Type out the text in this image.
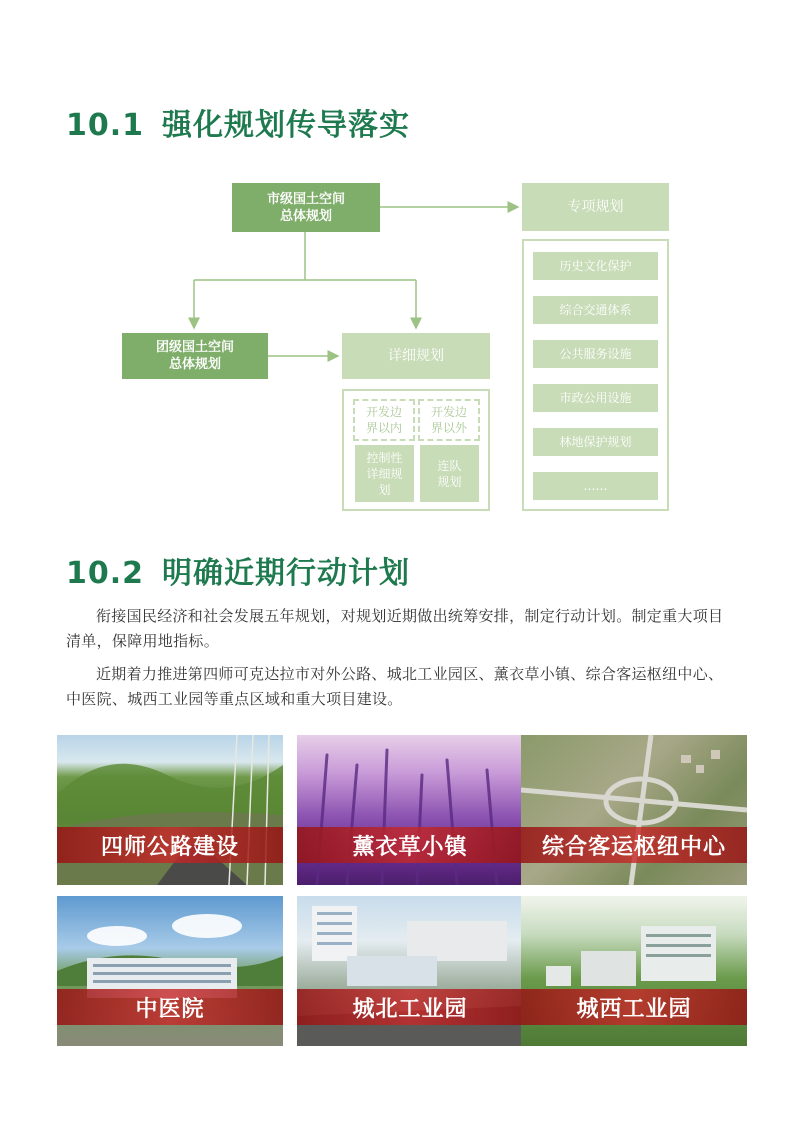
10.1 强化规划传导落实
市级国土空间
总体规划
团级国土空间
总体规划
详细规划
专项规划
开发边
界以内
开发边
界以外
控制性
详细规
划
连队
规划
历史文化保护
综合交通体系
公共服务设施
市政公用设施
林地保护规划
……
10.2 明确近期行动计划

衔接国民经济和社会发展五年规划，对规划近期做出统筹安排，制定行动计划。制定重大项目清单，保障用地指标。

近期着力推进第四师可克达拉市对外公路、城北工业园区、薰衣草小镇、综合客运枢纽中心、中医院、城西工业园等重点区域和重大项目建设。

四师公路建设	薰衣草小镇	综合客运枢纽中心
中医院	城北工业园	城西工业园
